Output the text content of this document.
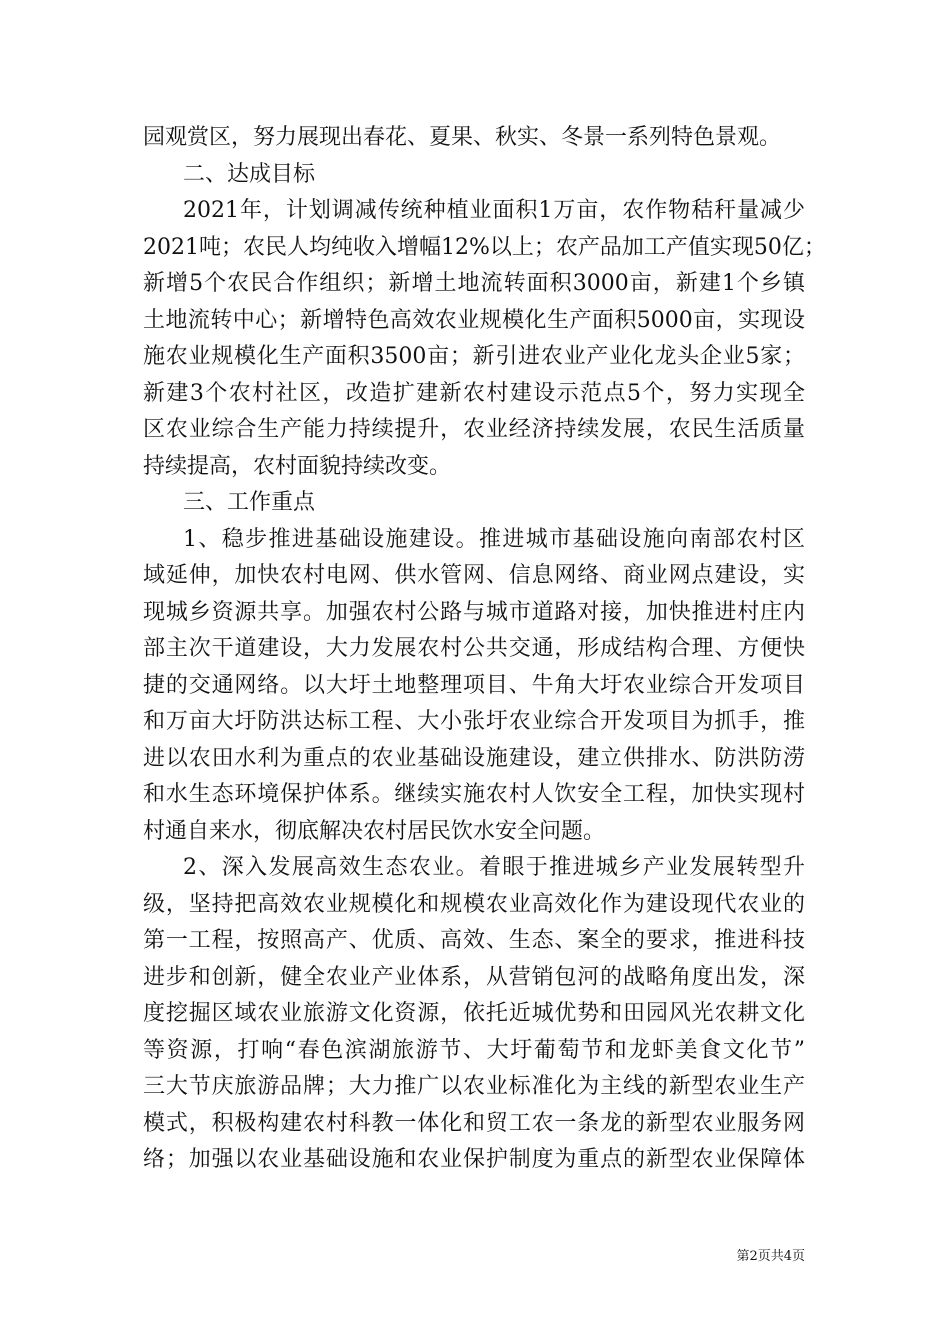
园观赏区，努力展现出春花、夏果、秋实、冬景一系列特色景观。
二、达成目标
2021年，计划调减传统种植业面积1万亩，农作物秸秆量减少
2021吨；农民人均纯收入增幅12%以上；农产品加工产值实现50亿；
新增5个农民合作组织；新增土地流转面积3000亩，新建1个乡镇
土地流转中心；新增特色高效农业规模化生产面积5000亩，实现设
施农业规模化生产面积3500亩；新引进农业产业化龙头企业5家；
新建3个农村社区，改造扩建新农村建设示范点5个，努力实现全
区农业综合生产能力持续提升，农业经济持续发展，农民生活质量
持续提高，农村面貌持续改变。
三、工作重点
1、稳步推进基础设施建设。推进城市基础设施向南部农村区
域延伸，加快农村电网、供水管网、信息网络、商业网点建设，实
现城乡资源共享。加强农村公路与城市道路对接，加快推进村庄内
部主次干道建设，大力发展农村公共交通，形成结构合理、方便快
捷的交通网络。以大圩土地整理项目、牛角大圩农业综合开发项目
和万亩大圩防洪达标工程、大小张圩农业综合开发项目为抓手，推
进以农田水利为重点的农业基础设施建设，建立供排水、防洪防涝
和水生态环境保护体系。继续实施农村人饮安全工程，加快实现村
村通自来水，彻底解决农村居民饮水安全问题。
2、深入发展高效生态农业。着眼于推进城乡产业发展转型升
级，坚持把高效农业规模化和规模农业高效化作为建设现代农业的
第一工程，按照高产、优质、高效、生态、案全的要求，推进科技
进步和创新，健全农业产业体系，从营销包河的战略角度出发，深
度挖掘区域农业旅游文化资源，依托近城优势和田园风光农耕文化
等资源，打响“春色滨湖旅游节、大圩葡萄节和龙虾美食文化节”
三大节庆旅游品牌；大力推广以农业标准化为主线的新型农业生产
模式，积极构建农村科教一体化和贸工农一条龙的新型农业服务网
络；加强以农业基础设施和农业保护制度为重点的新型农业保障体
第2页共4页
